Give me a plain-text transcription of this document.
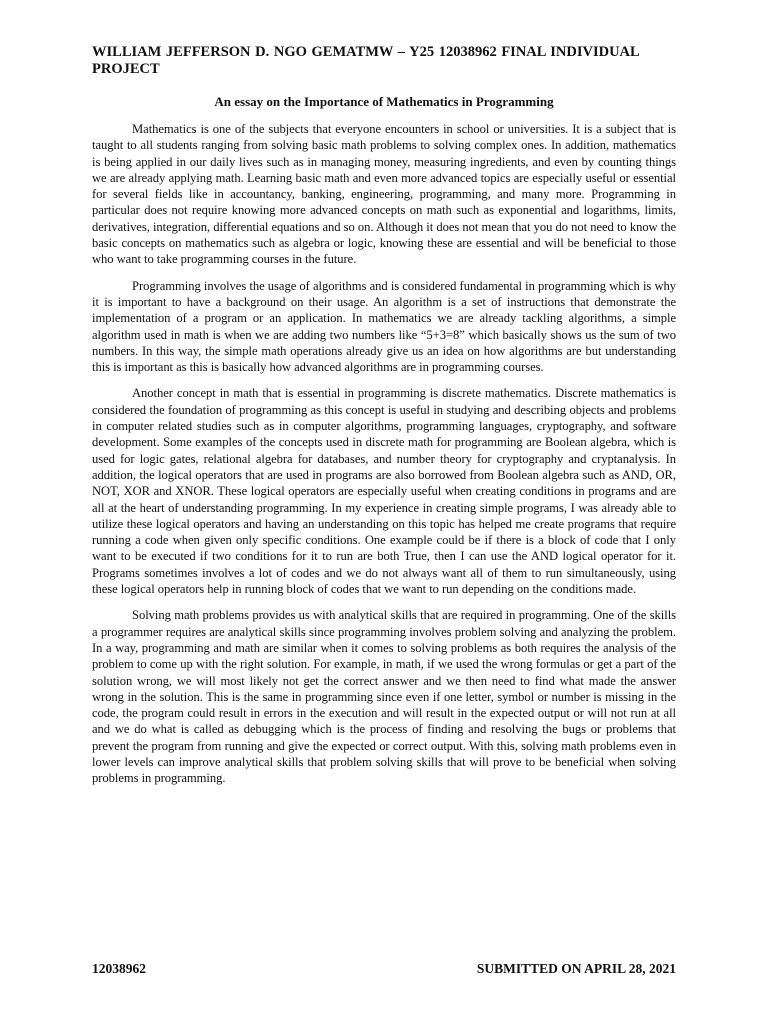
WILLIAM JEFFERSON D. NGO GEMATMW – Y25 12038962 FINAL INDIVIDUAL PROJECT

An essay on the Importance of Mathematics in Programming

Mathematics is one of the subjects that everyone encounters in school or universities. It is a subject that is taught to all students ranging from solving basic math problems to solving complex ones. In addition, mathematics is being applied in our daily lives such as in managing money, measuring ingredients, and even by counting things we are already applying math. Learning basic math and even more advanced topics are especially useful or essential for several fields like in accountancy, banking, engineering, programming, and many more. Programming in particular does not require knowing more advanced concepts on math such as exponential and logarithms, limits, derivatives, integration, differential equations and so on. Although it does not mean that you do not need to know the basic concepts on mathematics such as algebra or logic, knowing these are essential and will be beneficial to those who want to take programming courses in the future.

Programming involves the usage of algorithms and is considered fundamental in programming which is why it is important to have a background on their usage. An algorithm is a set of instructions that demonstrate the implementation of a program or an application. In mathematics we are already tackling algorithms, a simple algorithm used in math is when we are adding two numbers like “5+3=8” which basically shows us the sum of two numbers. In this way, the simple math operations already give us an idea on how algorithms are but understanding this is important as this is basically how advanced algorithms are in programming courses.

Another concept in math that is essential in programming is discrete mathematics. Discrete mathematics is considered the foundation of programming as this concept is useful in studying and describing objects and problems in computer related studies such as in computer algorithms, programming languages, cryptography, and software development. Some examples of the concepts used in discrete math for programming are Boolean algebra, which is used for logic gates, relational algebra for databases, and number theory for cryptography and cryptanalysis. In addition, the logical operators that are used in programs are also borrowed from Boolean algebra such as AND, OR, NOT, XOR and XNOR. These logical operators are especially useful when creating conditions in programs and are all at the heart of understanding programming. In my experience in creating simple programs, I was already able to utilize these logical operators and having an understanding on this topic has helped me create programs that require running a code when given only specific conditions. One example could be if there is a block of code that I only want to be executed if two conditions for it to run are both True, then I can use the AND logical operator for it. Programs sometimes involves a lot of codes and we do not always want all of them to run simultaneously, using these logical operators help in running block of codes that we want to run depending on the conditions made.

Solving math problems provides us with analytical skills that are required in programming. One of the skills a programmer requires are analytical skills since programming involves problem solving and analyzing the problem. In a way, programming and math are similar when it comes to solving problems as both requires the analysis of the problem to come up with the right solution. For example, in math, if we used the wrong formulas or get a part of the solution wrong, we will most likely not get the correct answer and we then need to find what made the answer wrong in the solution. This is the same in programming since even if one letter, symbol or number is missing in the code, the program could result in errors in the execution and will result in the expected output or will not run at all and we do what is called as debugging which is the process of finding and resolving the bugs or problems that prevent the program from running and give the expected or correct output. With this, solving math problems even in lower levels can improve analytical skills that problem solving skills that will prove to be beneficial when solving problems in programming.

12038962	SUBMITTED ON APRIL 28, 2021
